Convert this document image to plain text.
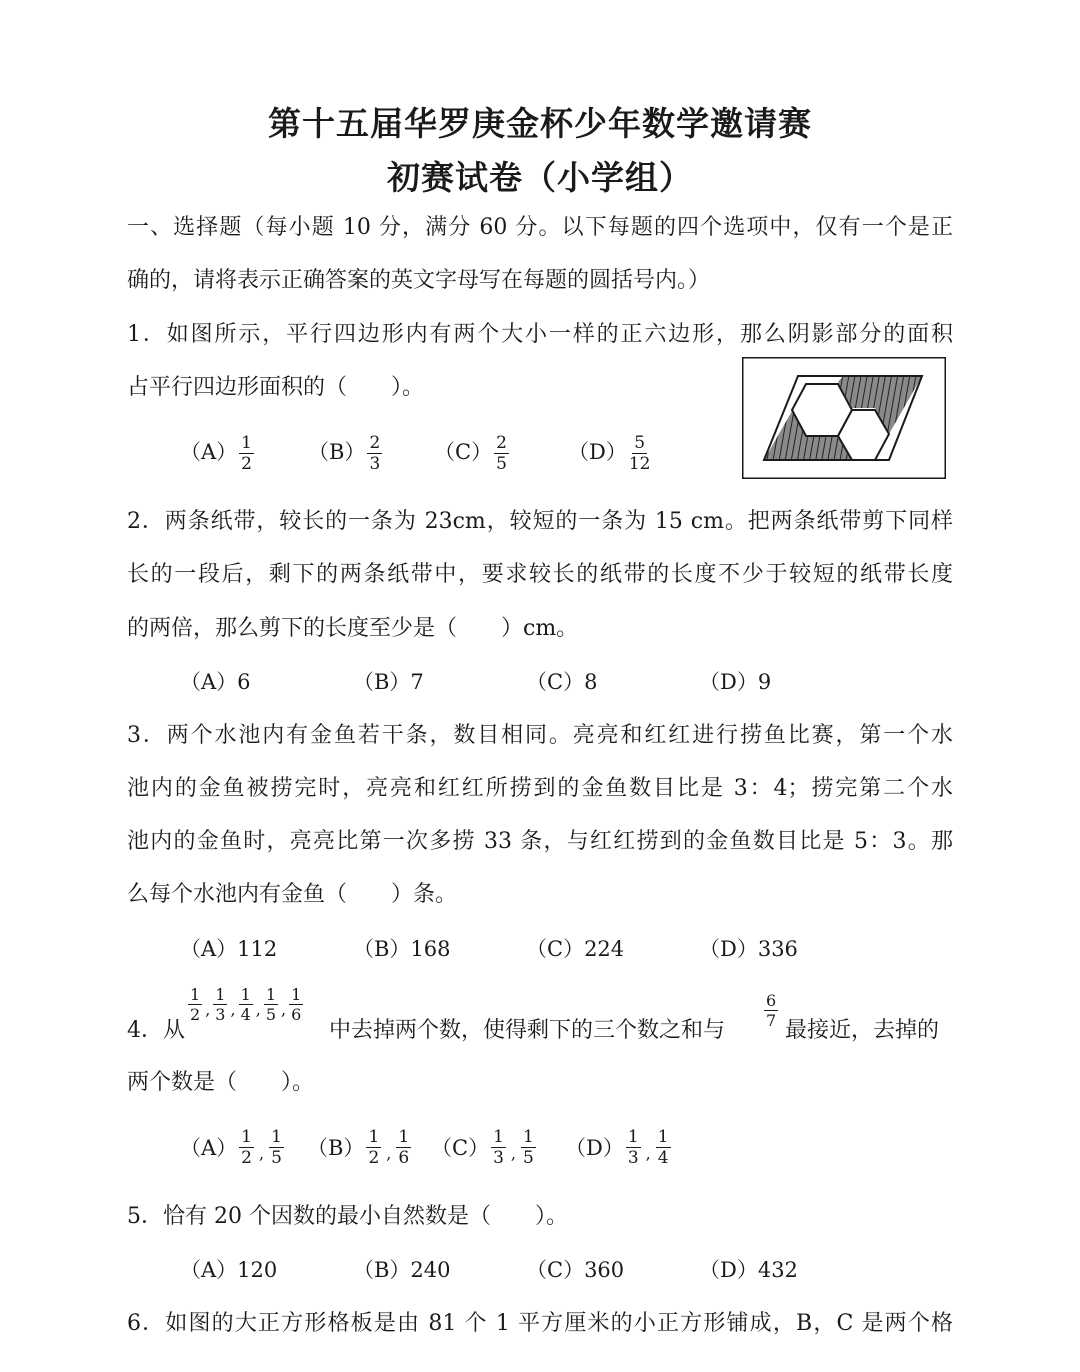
第十五届华罗庚金杯少年数学邀请赛
初赛试卷（小学组）
一、选择题（每小题 10 分，满分 60 分。以下每题的四个选项中，仅有一个是正
确的，请将表示正确答案的英文字母写在每题的圆括号内。）
1．如图所示，平行四边形内有两个大小一样的正六边形，那么阴影部分的面积
占平行四边形面积的（　　）。
$(A) \frac{1}{2}$	$(B) \frac{2}{3} (C) \frac{2}{5}$	$(D) \frac{5}{12}$
2．两条纸带，较长的一条为 23cm，较短的一条为 15 cm。把两条纸带剪下同样
长的一段后，剩下的两条纸带中，要求较长的纸带的长度不少于较短的纸带长度
的两倍，那么剪下的长度至少是（　　）cm。
（A）6	（B）7	（C）8	（D）9
3．两个水池内有金鱼若干条，数目相同。亮亮和红红进行捞鱼比赛，第一个水
池内的金鱼被捞完时，亮亮和红红所捞到的金鱼数目比是 3：4；捞完第二个水
池内的金鱼时，亮亮比第一次多捞 33 条，与红红捞到的金鱼数目比是 5：3。那
么每个水池内有金鱼（　　）条。
（A）112	（B）168	（C）224	（D）336
$\frac{1}{2}$ , $\frac{1}{3}$ , $\frac{1}{4}$ , $\frac{1}{5}$ , $\frac{1}{6}$
4．从	中去掉两个数，使得剩下的三个数之和与
$\frac{6}{7}$
最接近，去掉的
两个数是（　　）。
$(A) \frac{1}{2}$ , $\frac{1}{5} (B) \frac{1}{2}$ , $\frac{1}{6} (C) \frac{1}{3}$ , $\frac{1}{5} (D) \frac{1}{3}$ , $\frac{1}{4}$
5．恰有 20 个因数的最小自然数是（　　）。
（A）120	（B）240	（C）360	（D）432
6．如图的大正方形格板是由 81 个 1 平方厘米的小正方形铺成，B，C 是两个格
